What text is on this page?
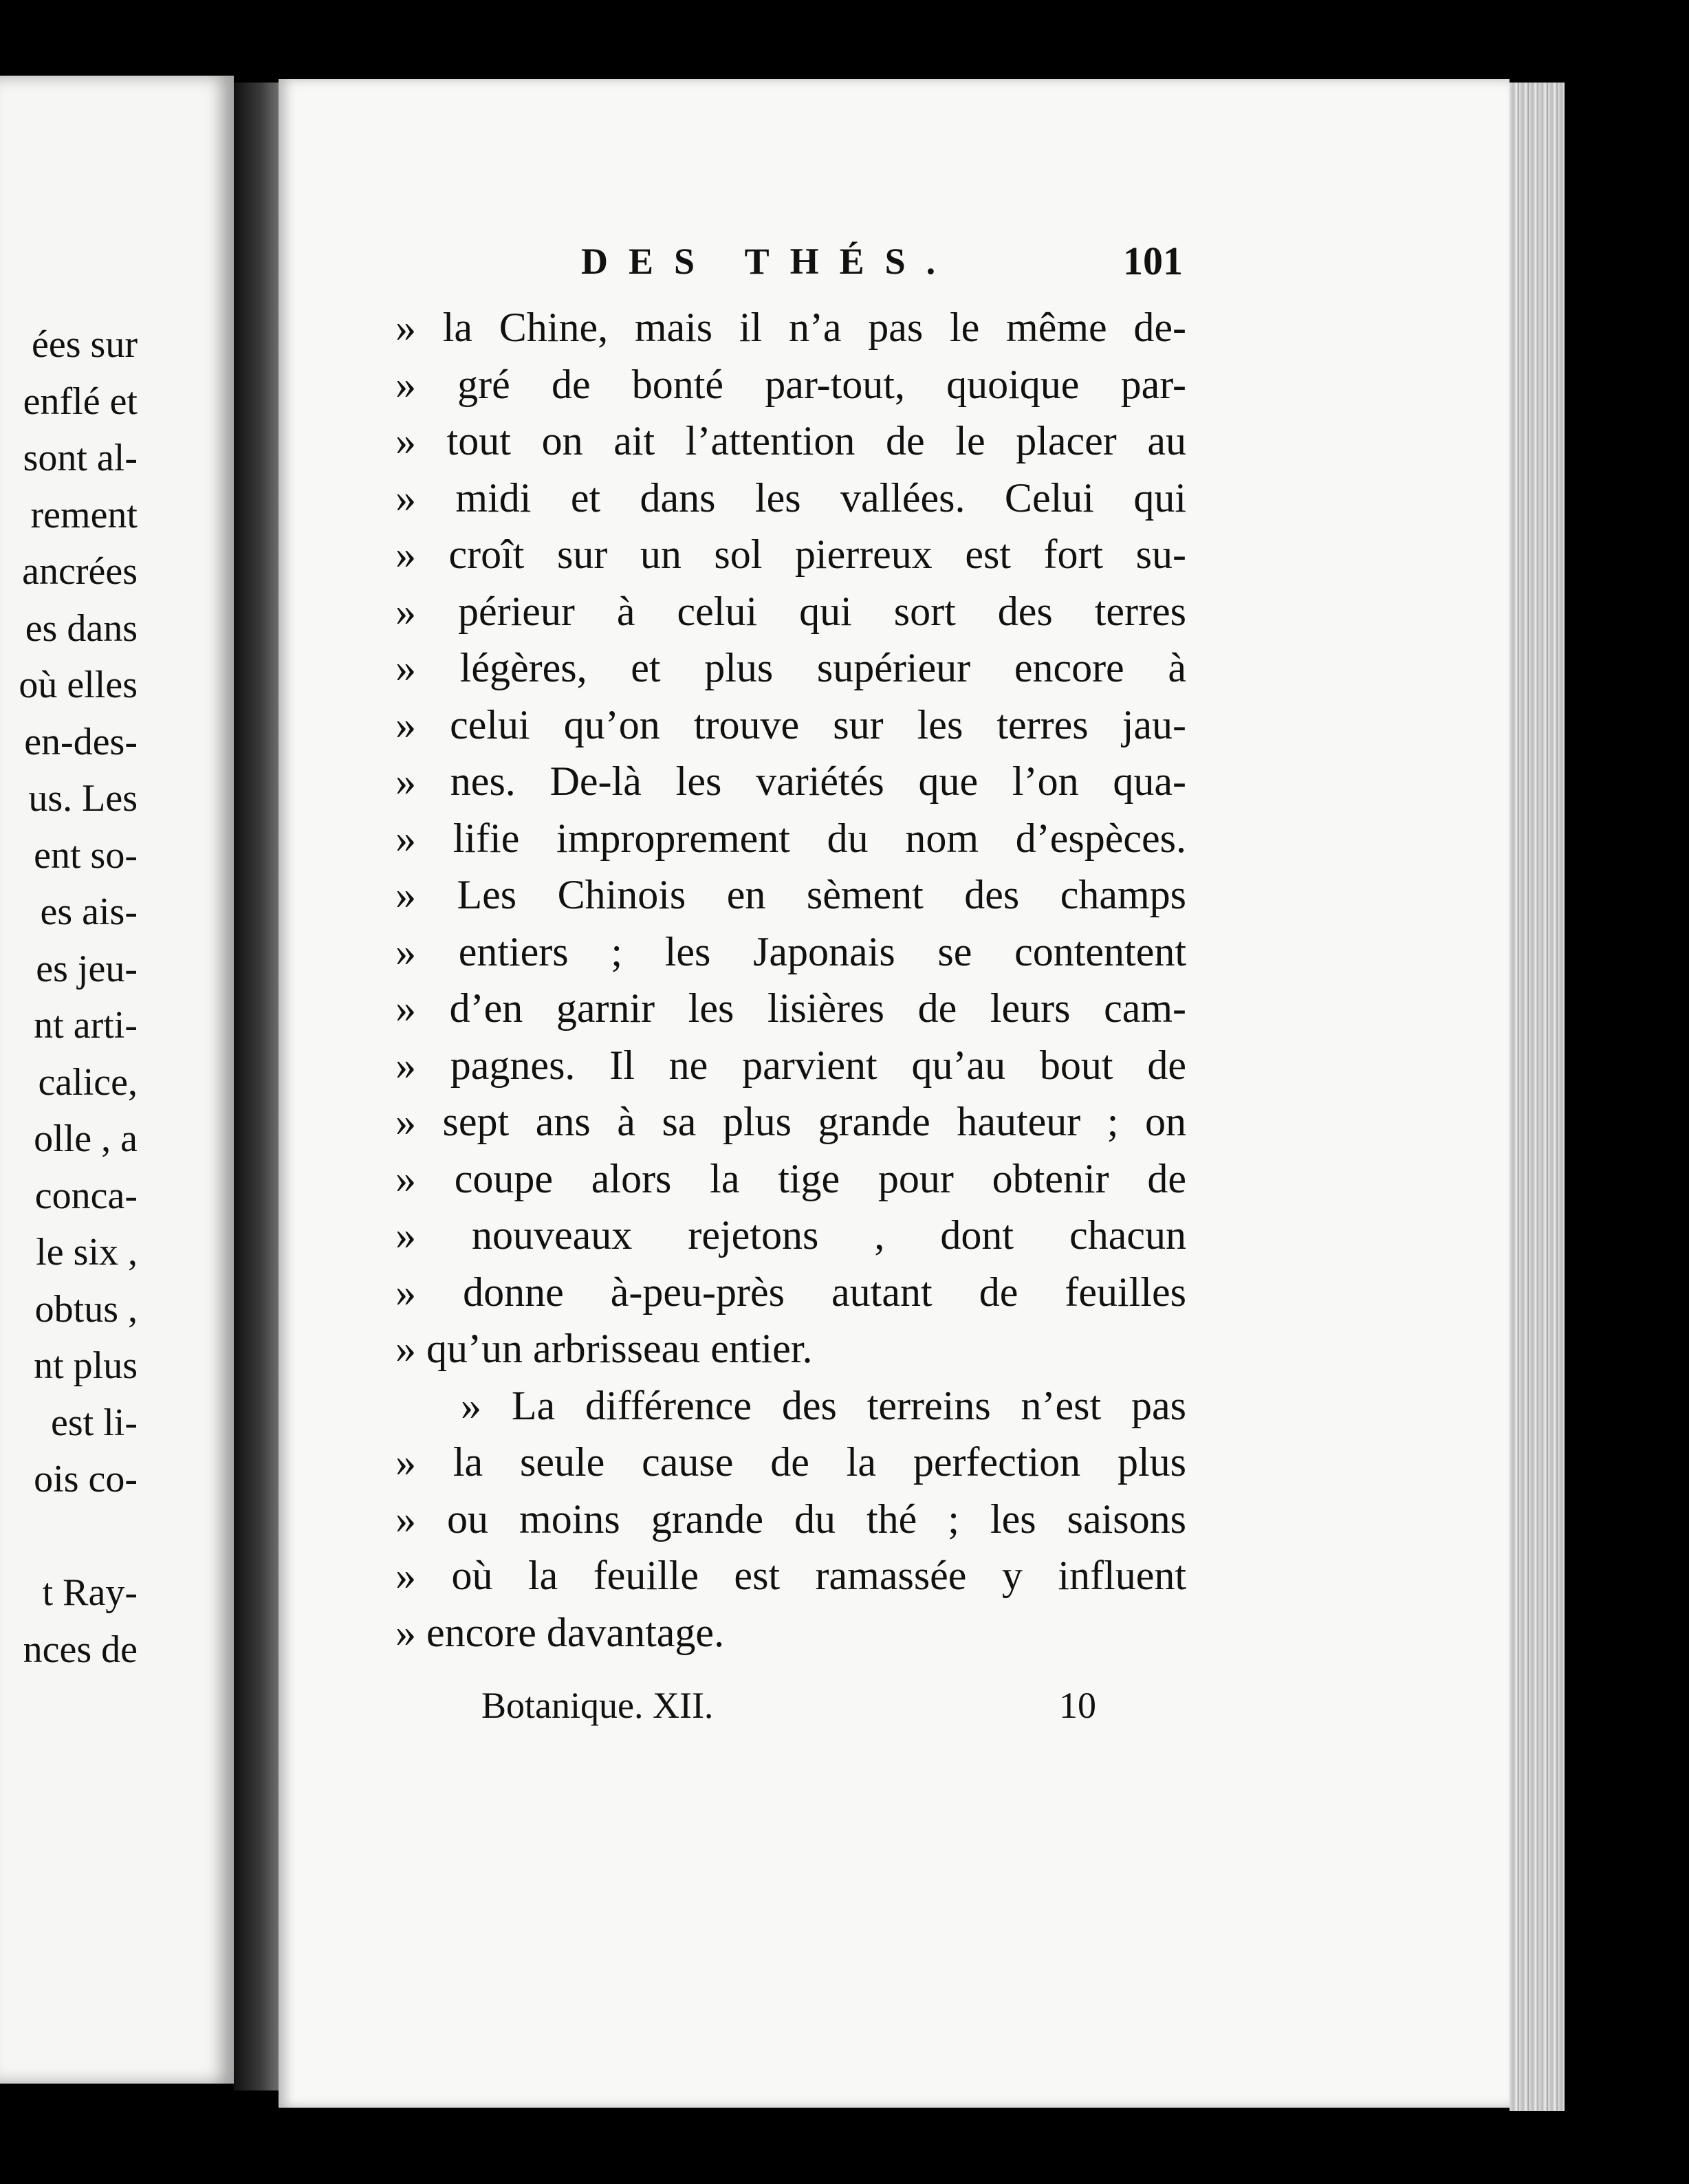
ées sur
enflé et
sont al-
rement
ancrées
es dans
où elles
en-des-
us. Les
ent so-
es ais-
es jeu-
nt arti-
calice,
olle , a
conca-
le six ,
obtus ,
nt plus
est li-
ois co-
t Ray-
nces de
DES THÉS.	101
» la Chine, mais il n’a pas le même de-
» gré de bonté par-tout, quoique par-
» tout on ait l’attention de le placer au
» midi et dans les vallées. Celui qui
» croît sur un sol pierreux est fort su-
» périeur à celui qui sort des terres
» légères, et plus supérieur encore à
» celui qu’on trouve sur les terres jau-
» nes. De-là les variétés que l’on qua-
» lifie improprement du nom d’espèces.
» Les Chinois en sèment des champs
» entiers ; les Japonais se contentent
» d’en garnir les lisières de leurs cam-
» pagnes. Il ne parvient qu’au bout de
» sept ans à sa plus grande hauteur ; on
» coupe alors la tige pour obtenir de
» nouveaux rejetons , dont chacun
» donne à-peu-près autant de feuilles
» qu’un arbrisseau entier.
» La différence des terreins n’est pas
» la seule cause de la perfection plus
» ou moins grande du thé ; les saisons
» où la feuille est ramassée y influent
» encore davantage.
Botanique. XII.	10
